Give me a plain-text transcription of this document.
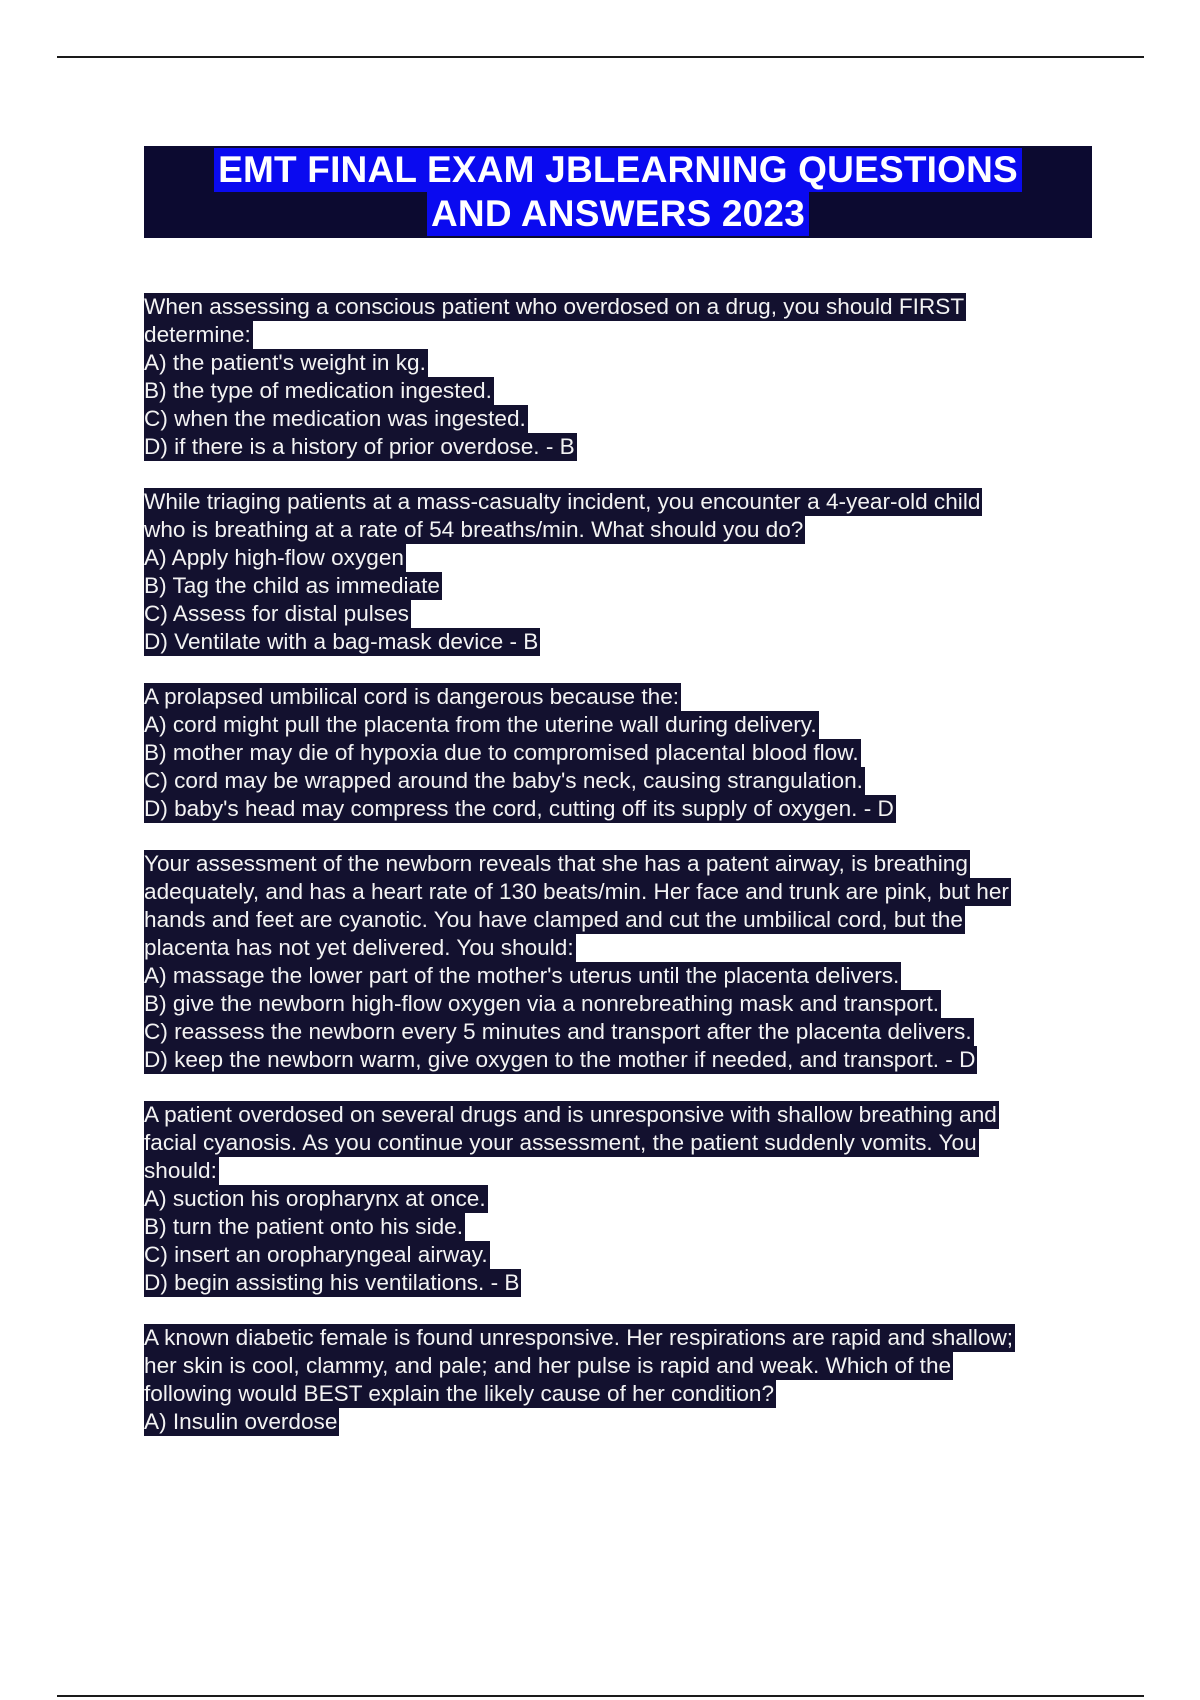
EMT FINAL EXAM JBLEARNING QUESTIONS
AND ANSWERS 2023
When assessing a conscious patient who overdosed on a drug, you should FIRST
determine:
A) the patient's weight in kg.
B) the type of medication ingested.
C) when the medication was ingested.
D) if there is a history of prior overdose. - B
While triaging patients at a mass-casualty incident, you encounter a 4-year-old child
who is breathing at a rate of 54 breaths/min. What should you do?
A) Apply high-flow oxygen
B) Tag the child as immediate
C) Assess for distal pulses
D) Ventilate with a bag-mask device - B
A prolapsed umbilical cord is dangerous because the:
A) cord might pull the placenta from the uterine wall during delivery.
B) mother may die of hypoxia due to compromised placental blood flow.
C) cord may be wrapped around the baby's neck, causing strangulation.
D) baby's head may compress the cord, cutting off its supply of oxygen. - D
Your assessment of the newborn reveals that she has a patent airway, is breathing
adequately, and has a heart rate of 130 beats/min. Her face and trunk are pink, but her
hands and feet are cyanotic. You have clamped and cut the umbilical cord, but the
placenta has not yet delivered. You should:
A) massage the lower part of the mother's uterus until the placenta delivers.
B) give the newborn high-flow oxygen via a nonrebreathing mask and transport.
C) reassess the newborn every 5 minutes and transport after the placenta delivers.
D) keep the newborn warm, give oxygen to the mother if needed, and transport. - D
A patient overdosed on several drugs and is unresponsive with shallow breathing and
facial cyanosis. As you continue your assessment, the patient suddenly vomits. You
should:
A) suction his oropharynx at once.
B) turn the patient onto his side.
C) insert an oropharyngeal airway.
D) begin assisting his ventilations. - B
A known diabetic female is found unresponsive. Her respirations are rapid and shallow;
her skin is cool, clammy, and pale; and her pulse is rapid and weak. Which of the
following would BEST explain the likely cause of her condition?
A) Insulin overdose
